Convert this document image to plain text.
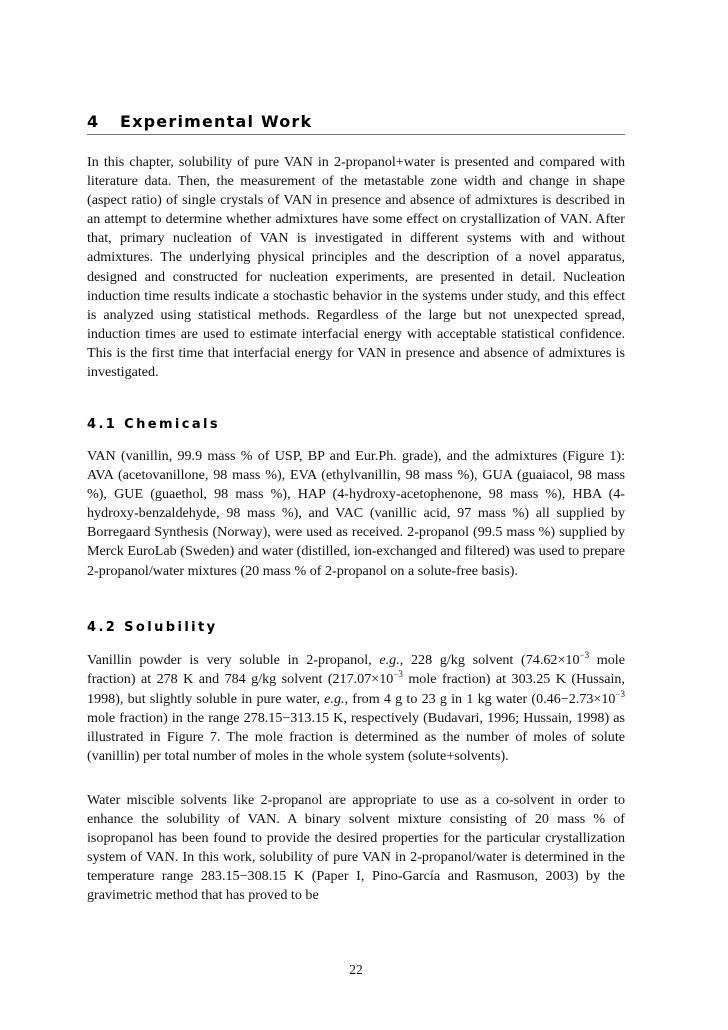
4 Experimental Work

In this chapter, solubility of pure VAN in 2-propanol+water is presented and compared with literature data. Then, the measurement of the metastable zone width and change in shape (aspect ratio) of single crystals of VAN in presence and absence of admixtures is described in an attempt to determine whether admixtures have some effect on crystallization of VAN. After that, primary nucleation of VAN is investigated in different systems with and without admixtures. The underlying physical principles and the description of a novel apparatus, designed and constructed for nucleation experiments, are presented in detail. Nucleation induction time results indicate a stochastic behavior in the systems under study, and this effect is analyzed using statistical methods. Regardless of the large but not unexpected spread, induction times are used to estimate interfacial energy with acceptable statistical confidence. This is the first time that interfacial energy for VAN in presence and absence of admixtures is investigated.

4.1 Chemicals

VAN (vanillin, 99.9 mass % of USP, BP and Eur.Ph. grade), and the admixtures (Figure 1): AVA (acetovanillone, 98 mass %), EVA (ethylvanillin, 98 mass %), GUA (guaiacol, 98 mass %), GUE (guaethol, 98 mass %), HAP (4-hydroxy-acetophenone, 98 mass %), HBA (4-hydroxy-benzaldehyde, 98 mass %), and VAC (vanillic acid, 97 mass %) all supplied by Borregaard Synthesis (Norway), were used as received. 2-propanol (99.5 mass %) supplied by Merck EuroLab (Sweden) and water (distilled, ion-exchanged and filtered) was used to prepare 2-propanol/water mixtures (20 mass % of 2-propanol on a solute-free basis).

4.2 Solubility

Vanillin powder is very soluble in 2-propanol, e.g., 228 g/kg solvent ($74.62\times 10^{-3}$ mole fraction) at 278 K and 784 g/kg solvent ($217.07\times 10^{-3}$ mole fraction) at 303.25 K (Hussain, 1998), but slightly soluble in pure water, e.g., from 4 g to 23 g in 1 kg water ($0.46-2.73\times 10^{-3}$ mole fraction) in the range 278.15−313.15 K, respectively (Budavari, 1996; Hussain, 1998) as illustrated in Figure 7. The mole fraction is determined as the number of moles of solute (vanillin) per total number of moles in the whole system (solute+solvents).

Water miscible solvents like 2-propanol are appropriate to use as a co-solvent in order to enhance the solubility of VAN. A binary solvent mixture consisting of 20 mass % of isopropanol has been found to provide the desired properties for the particular crystallization system of VAN. In this work, solubility of pure VAN in 2-propanol/water is determined in the temperature range 283.15−308.15 K (Paper I, Pino-García and Rasmuson, 2003) by the gravimetric method that has proved to be

22
